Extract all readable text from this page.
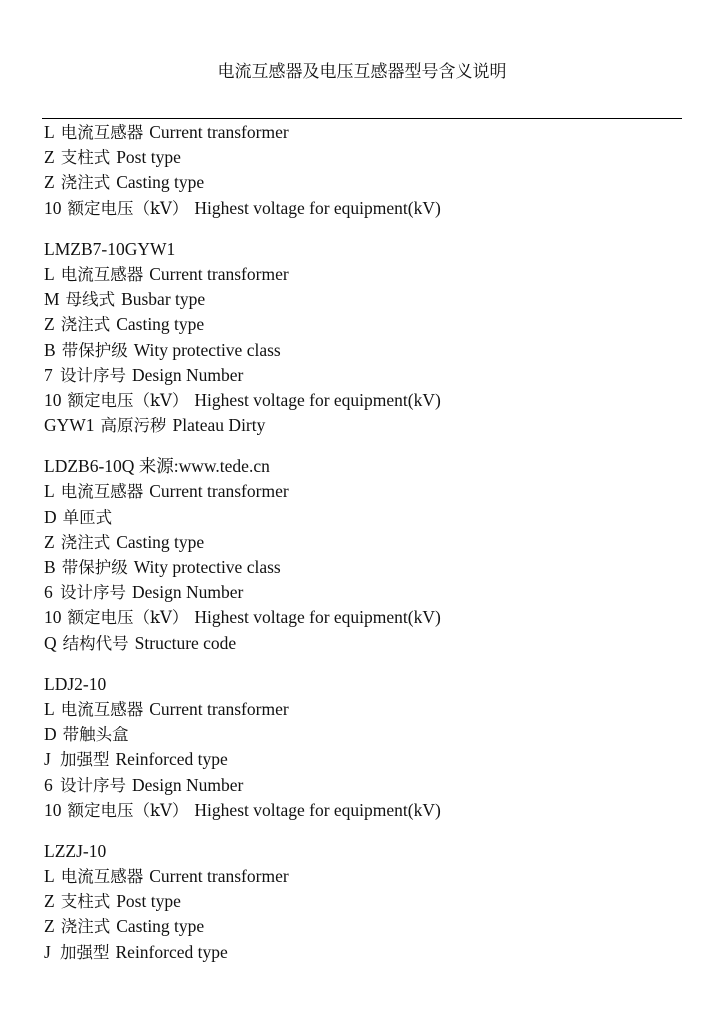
电流互感器及电压互感器型号含义说明
L 电流互感器 Current transformer
Z 支柱式 Post type
Z 浇注式 Casting type
10 额定电压（kV） Highest voltage for equipment(kV)
LMZB7-10GYW1
L 电流互感器 Current transformer
M 母线式 Busbar type
Z 浇注式 Casting type
B 带保护级 Wity protective class
7 设计序号 Design Number
10 额定电压（kV） Highest voltage for equipment(kV)
GYW1 高原污秽 Plateau Dirty
LDZB6-10Q 来源:www.tede.cn
L 电流互感器 Current transformer
D 单匝式
Z 浇注式 Casting type
B 带保护级 Wity protective class
6 设计序号 Design Number
10 额定电压（kV） Highest voltage for equipment(kV)
Q 结构代号 Structure code
LDJ2-10
L 电流互感器 Current transformer
D 带触头盒
J 加强型 Reinforced type
6 设计序号 Design Number
10 额定电压（kV） Highest voltage for equipment(kV)
LZZJ-10
L 电流互感器 Current transformer
Z 支柱式 Post type
Z 浇注式 Casting type
J 加强型 Reinforced type
